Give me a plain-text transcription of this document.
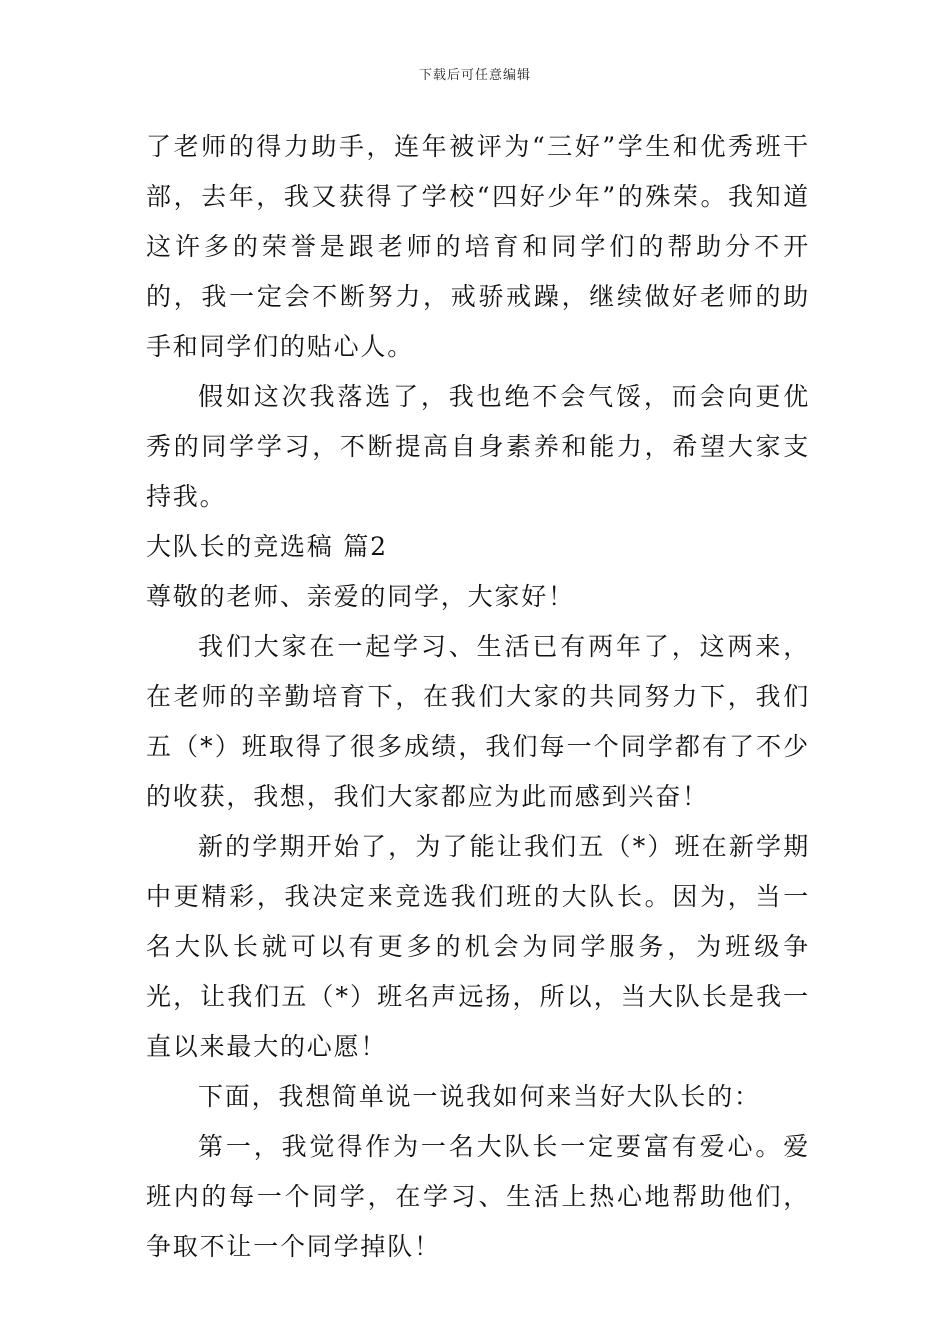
下载后可任意编辑

了老师的得力助手，连年被评为“三好”学生和优秀班干部，去年，我又获得了学校“四好少年”的殊荣。我知道这许多的荣誉是跟老师的培育和同学们的帮助分不开的，我一定会不断努力，戒骄戒躁，继续做好老师的助手和同学们的贴心人。

假如这次我落选了，我也绝不会气馁，而会向更优秀的同学学习，不断提高自身素养和能力，希望大家支持我。

大队长的竞选稿 篇2

尊敬的老师、亲爱的同学，大家好！

我们大家在一起学习、生活已有两年了，这两来，在老师的辛勤培育下，在我们大家的共同努力下，我们五（*）班取得了很多成绩，我们每一个同学都有了不少的收获，我想，我们大家都应为此而感到兴奋！

新的学期开始了，为了能让我们五（*）班在新学期中更精彩，我决定来竞选我们班的大队长。因为，当一名大队长就可以有更多的机会为同学服务，为班级争光，让我们五（*）班名声远扬，所以，当大队长是我一直以来最大的心愿！

下面，我想简单说一说我如何来当好大队长的：

第一，我觉得作为一名大队长一定要富有爱心。爱班内的每一个同学，在学习、生活上热心地帮助他们，争取不让一个同学掉队！
